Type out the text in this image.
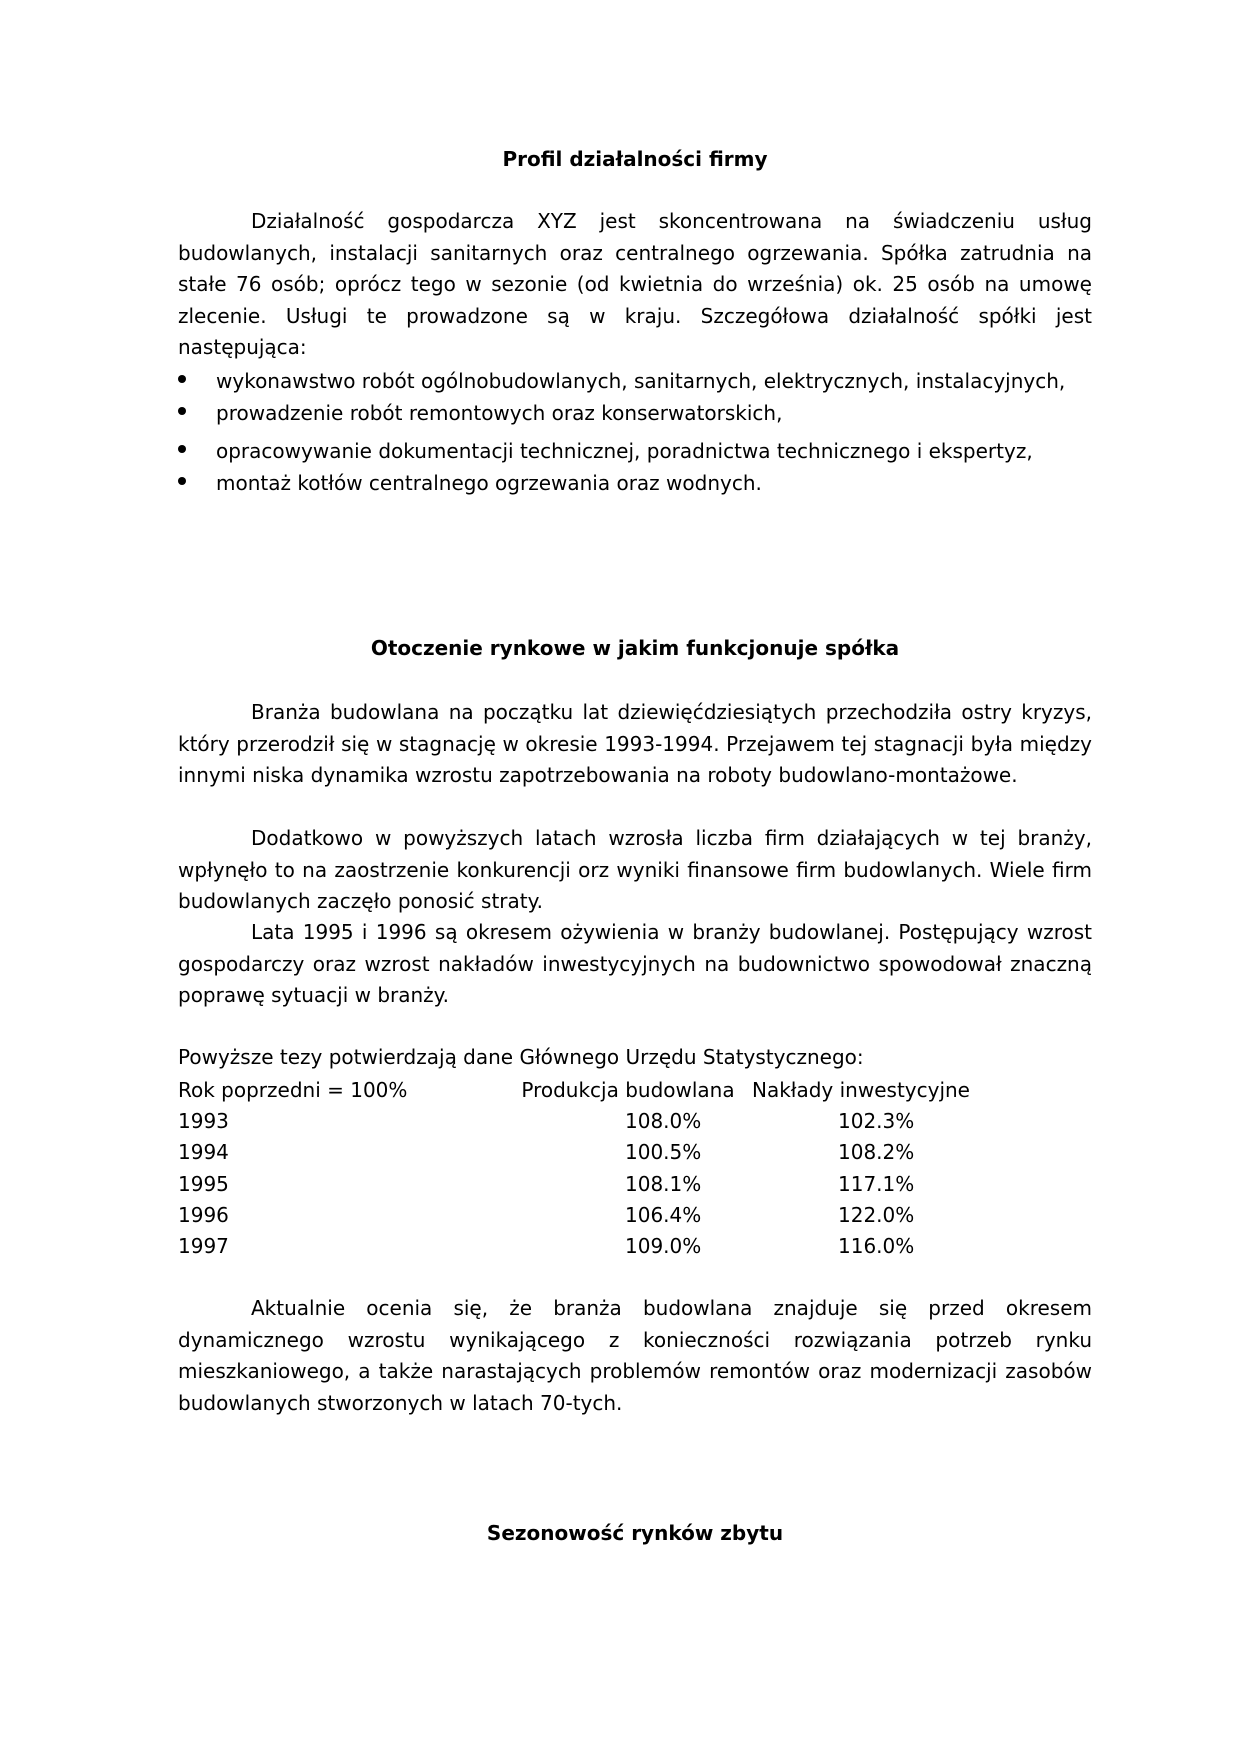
Profil działalności firmy

Działalność gospodarcza XYZ jest skoncentrowana na świadczeniu usług budowlanych, instalacji sanitarnych oraz centralnego ogrzewania. Spółka zatrudnia na stałe 76 osób; oprócz tego w sezonie (od kwietnia do września) ok. 25 osób na umowę zlecenie. Usługi te prowadzone są w kraju. Szczegółowa działalność spółki jest następująca:

wykonawstwo robót ogólnobudowlanych, sanitarnych, elektrycznych, instalacyjnych,
prowadzenie robót remontowych oraz konserwatorskich,
opracowywanie dokumentacji technicznej, poradnictwa technicznego i ekspertyz,
montaż kotłów centralnego ogrzewania oraz wodnych.
Otoczenie rynkowe w jakim funkcjonuje spółka

Branża budowlana na początku lat dziewięćdziesiątych przechodziła ostry kryzys, który przerodził się w stagnację w okresie 1993-1994. Przejawem tej stagnacji była między innymi niska dynamika wzrostu zapotrzebowania na roboty budowlano-montażowe.

Dodatkowo w powyższych latach wzrosła liczba firm działających w tej branży, wpłynęło to na zaostrzenie konkurencji orz wyniki finansowe firm budowlanych. Wiele firm budowlanych zaczęło ponosić straty.

Lata 1995 i 1996 są okresem ożywienia w branży budowlanej. Postępujący wzrost gospodarczy oraz wzrost nakładów inwestycyjnych na budownictwo spowodował znaczną poprawę sytuacji w branży.

Powyższe tezy potwierdzają dane Głównego Urzędu Statystycznego:

Rok poprzedni = 100%	Produkcja budowlana	Nakłady inwestycyjne
1993	108.0%	102.3%
1994	100.5%	108.2%
1995	108.1%	117.1%
1996	106.4%	122.0%
1997	109.0%	116.0%

Aktualnie ocenia się, że branża budowlana znajduje się przed okresem dynamicznego wzrostu wynikającego z konieczności rozwiązania potrzeb rynku mieszkaniowego, a także narastających problemów remontów oraz modernizacji zasobów budowlanych stworzonych w latach 70-tych.

Sezonowość rynków zbytu
